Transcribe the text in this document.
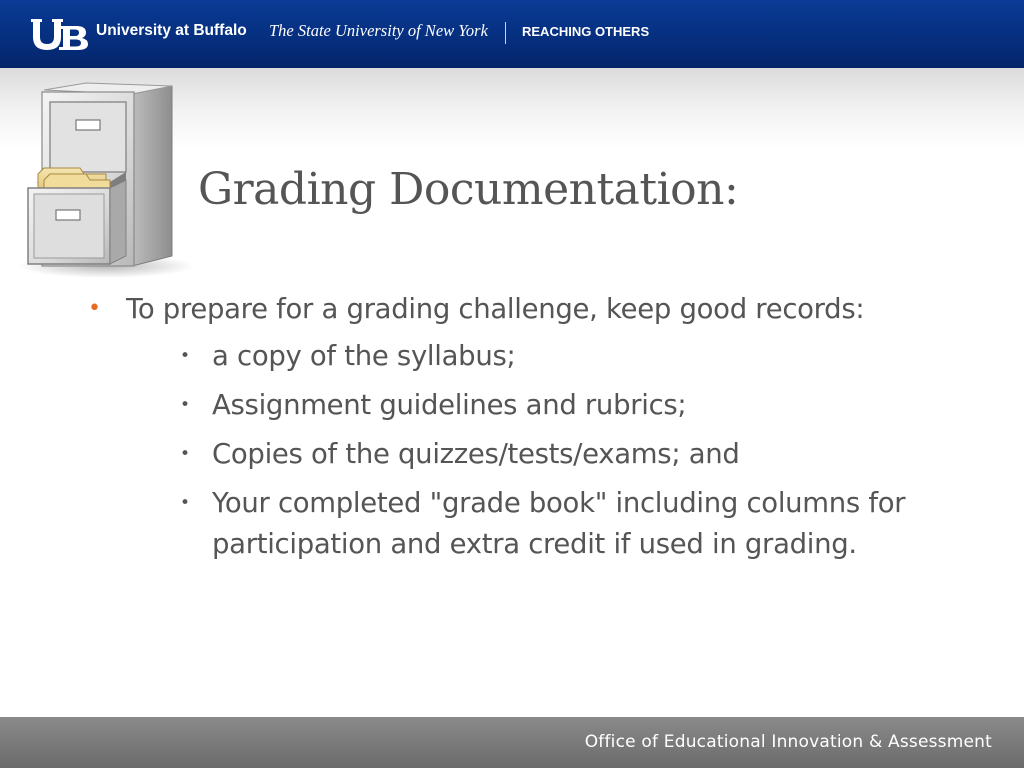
University at Buffalo The State University of New York	REACHING OTHERS
Grading Documentation:
• To prepare for a grading challenge, keep good records:
• a copy of the syllabus;
• Assignment guidelines and rubrics;
• Copies of the quizzes/tests/exams; and
• Your completed "grade book" including columns for participation and extra credit if used in grading.
Office of Educational Innovation & Assessment
